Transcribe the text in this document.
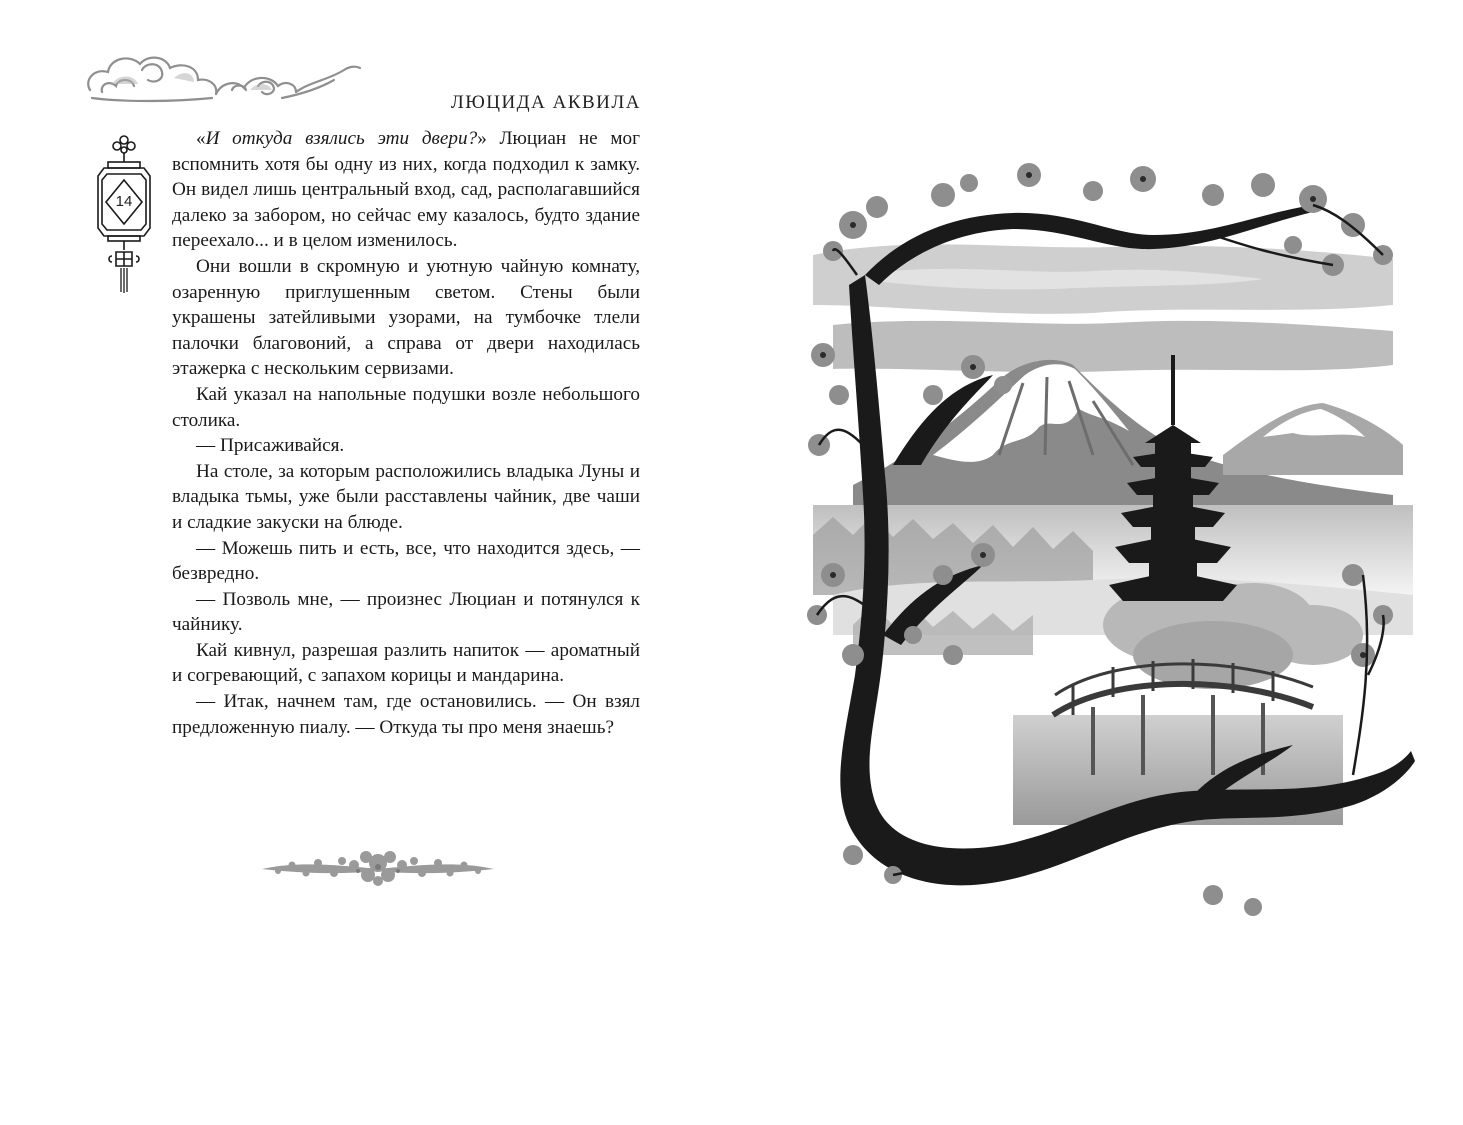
ЛЮЦИДА АКВИЛА
14

«И откуда взялись эти двери?» Люциан не мог вспомнить хотя бы одну из них, когда подходил к замку. Он видел лишь центральный вход, сад, располагавшийся далеко за забором, но сейчас ему казалось, будто здание переехало... и в целом изменилось.

Они вошли в скромную и уютную чайную комнату, озаренную приглушенным светом. Стены были украшены затейливыми узорами, на тумбочке тлели палочки благовоний, а справа от двери находилась этажерка с нескольким сервизами.

Кай указал на напольные подушки возле небольшого столика.

— Присаживайся.

На столе, за которым расположились владыка Луны и владыка тьмы, уже были расставлены чайник, две чаши и сладкие закуски на блюде.

— Можешь пить и есть, все, что находится здесь, — безвредно.

— Позволь мне, — произнес Люциан и потянулся к чайнику.

Кай кивнул, разрешая разлить напиток — ароматный и согревающий, с запахом корицы и мандарина.

— Итак, начнем там, где остановились. — Он взял предложенную пиалу. — Откуда ты про меня знаешь?
